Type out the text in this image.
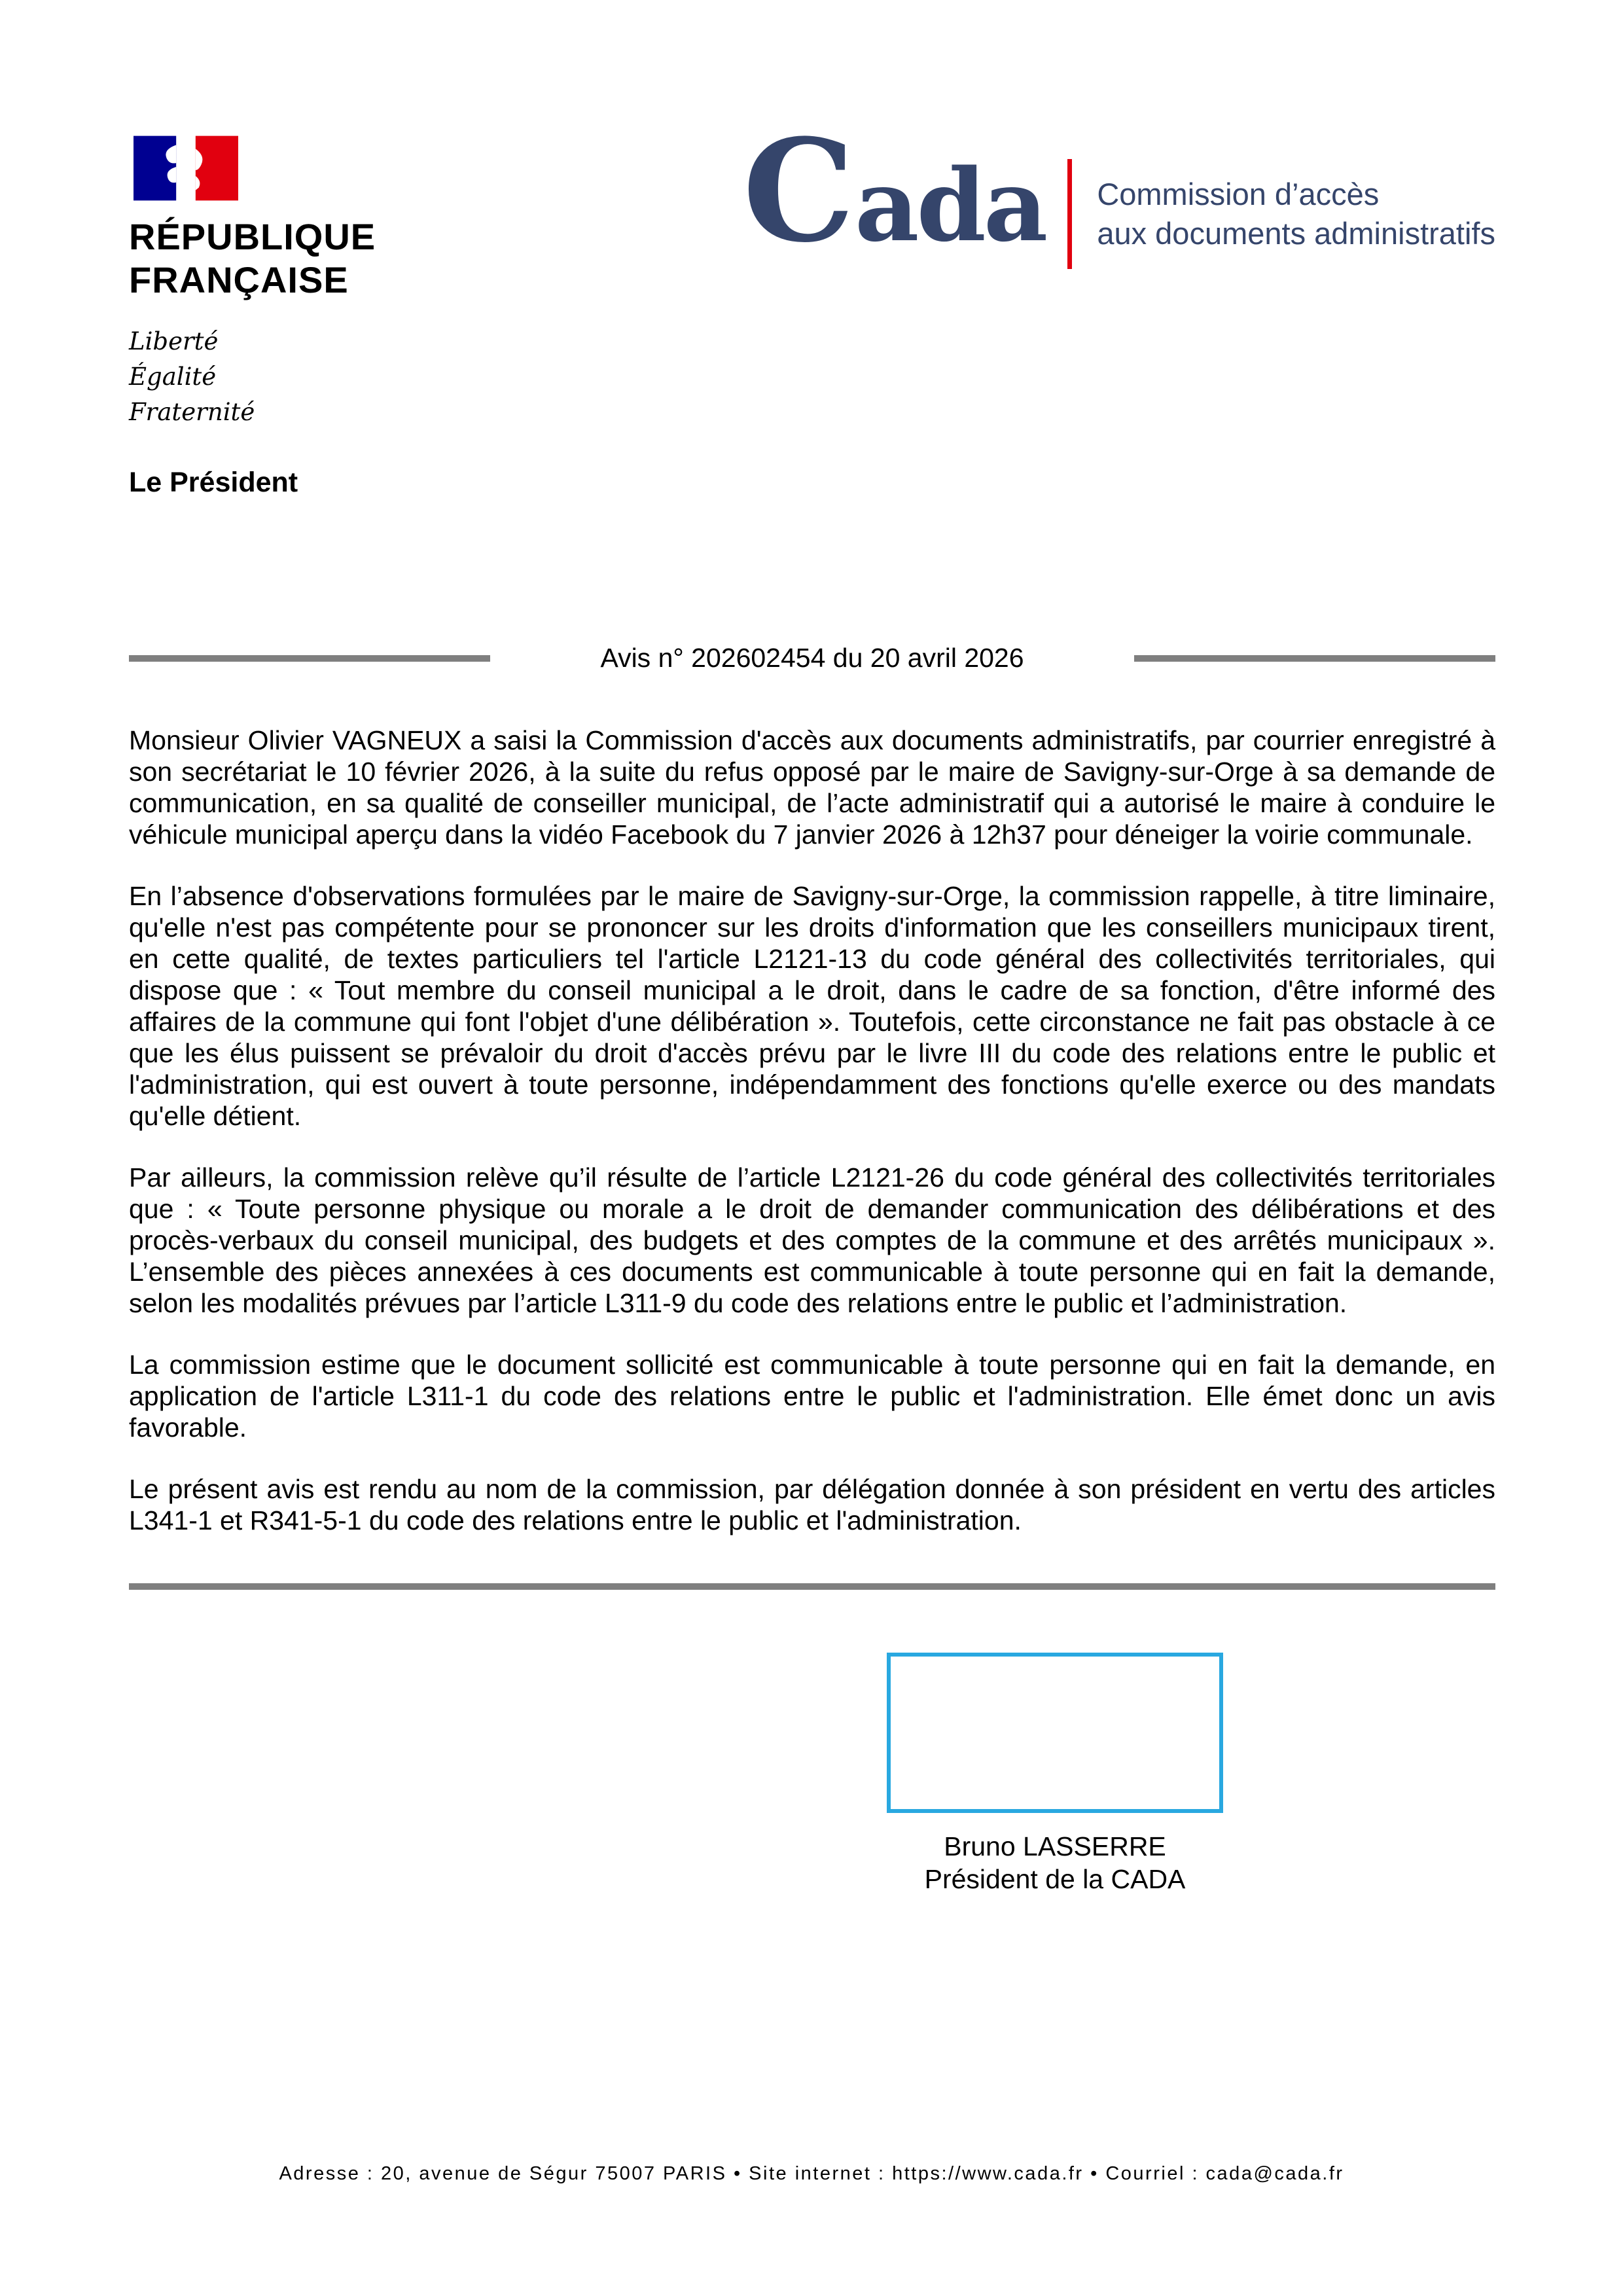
RÉPUBLIQUE
FRANÇAISE
Liberté
Égalité
Fraternité
Cada Commission d’accès
aux documents administratifs
Le Président
Avis n° 202602454 du 20 avril 2026

Monsieur Olivier VAGNEUX a saisi la Commission d'accès aux documents administratifs, par courrier enregistré à son secrétariat le 10 février 2026, à la suite du refus opposé par le maire de Savigny-sur-Orge à sa demande de communication, en sa qualité de conseiller municipal, de l’acte administratif qui a autorisé le maire à conduire le véhicule municipal aperçu dans la vidéo Facebook du 7 janvier 2026 à 12h37 pour déneiger la voirie communale.

En l’absence d'observations formulées par le maire de Savigny-sur-Orge, la commission rappelle, à titre liminaire, qu'elle n'est pas compétente pour se prononcer sur les droits d'information que les conseillers municipaux tirent, en cette qualité, de textes particuliers tel l'article L2121-13 du code général des collectivités territoriales, qui dispose que : « Tout membre du conseil municipal a le droit, dans le cadre de sa fonction, d'être informé des affaires de la commune qui font l'objet d'une délibération ». Toutefois, cette circonstance ne fait pas obstacle à ce que les élus puissent se prévaloir du droit d'accès prévu par le livre III du code des relations entre le public et l'administration, qui est ouvert à toute personne, indépendamment des fonctions qu'elle exerce ou des mandats qu'elle détient.

Par ailleurs, la commission relève qu’il résulte de l’article L2121-26 du code général des collectivités territoriales que : « Toute personne physique ou morale a le droit de demander communication des délibérations et des procès-verbaux du conseil municipal, des budgets et des comptes de la commune et des arrêtés municipaux ». L’ensemble des pièces annexées à ces documents est communicable à toute personne qui en fait la demande, selon les modalités prévues par l’article L311-9 du code des relations entre le public et l’administration.

La commission estime que le document sollicité est communicable à toute personne qui en fait la demande, en application de l'article L311-1 du code des relations entre le public et l'administration. Elle émet donc un avis favorable.

Le présent avis est rendu au nom de la commission, par délégation donnée à son président en vertu des articles L341-1 et R341-5-1 du code des relations entre le public et l'administration.

Bruno LASSERRE
Président de la CADA
Adresse : 20, avenue de Ségur 75007 PARIS • Site internet : https://www.cada.fr • Courriel : cada@cada.fr
